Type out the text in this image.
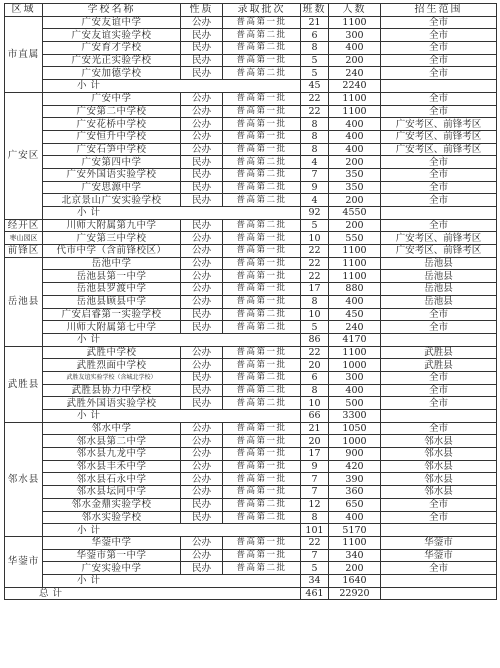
区域	学校名称	性质	录取批次	班数	人数	招生范围
市直属	广安友谊中学	公办	普高第一批	21	1100	全市
	广安友谊实验学校	民办	普高第二批	6	300	全市
	广安育才学校	民办	普高第二批	8	400	全市
	广安光正实验学校	民办	普高第一批	5	200	全市
	广安加德学校	民办	普高第二批	5	240	全市
	小计			45	2240	
广安区	广安中学	公办	普高第一批	22	1100	全市
	广安第二中学校	公办	普高第一批	22	1100	全市
	广安花桥中学校	公办	普高第一批	8	400	广安考区、前锋考区
	广安恒升中学校	公办	普高第一批	8	400	广安考区、前锋考区
	广安石笋中学校	公办	普高第一批	8	400	广安考区、前锋考区
	广安第四中学	民办	普高第二批	4	200	全市
	广安外国语实验学校	民办	普高第二批	7	350	全市
	广安思源中学	民办	普高第二批	9	350	全市
	北京景山广安实验学校	民办	普高第二批	4	200	全市
	小计			92	4550	
经开区	川师大附属第九中学	民办	普高第二批	5	200	全市
枣山园区	广安第三中学校	公办	普高第一批	10	550	广安考区、前锋考区
前锋区	代市中学（含前锋校区）	公办	普高第一批	22	1100	广安考区、前锋考区
岳池县	岳池中学	公办	普高第一批	22	1100	岳池县
	岳池县第一中学	公办	普高第一批	22	1100	岳池县
	岳池县罗渡中学	公办	普高第一批	17	880	岳池县
	岳池县顾县中学	公办	普高第一批	8	400	岳池县
	广安启睿第一实验学校	民办	普高第二批	10	450	全市
	川师大附属第七中学	民办	普高第二批	5	240	全市
	小计			86	4170	
武胜县	武胜中学校	公办	普高第一批	22	1100	武胜县
	武胜烈面中学校	公办	普高第一批	20	1000	武胜县
	武胜友谊实验学校（含城北学校）	民办	普高第二批	6	300	全市
	武胜县协力中学校	民办	普高第二批	8	400	全市
	武胜外国语实验学校	民办	普高第二批	10	500	全市
	小计			66	3300	
邻水县	邻水中学	公办	普高第一批	21	1050	全市
	邻水县第二中学	公办	普高第一批	20	1000	邻水县
	邻水县九龙中学	公办	普高第一批	17	900	邻水县
	邻水县丰禾中学	公办	普高第一批	9	420	邻水县
	邻水县石永中学	公办	普高第一批	7	390	邻水县
	邻水县坛同中学	公办	普高第一批	7	360	邻水县
	邻水金鼎实验学校	民办	普高第二批	12	650	全市
	邻水实验学校	民办	普高第二批	8	400	全市
	小计			101	5170	
华蓥市	华蓥中学	公办	普高第一批	22	1100	华蓥市
	华蓥市第一中学	公办	普高第一批	7	340	华蓥市
	广安实验中学	民办	普高第二批	5	200	全市
	小计			34	1640	
总计				461	22920	
